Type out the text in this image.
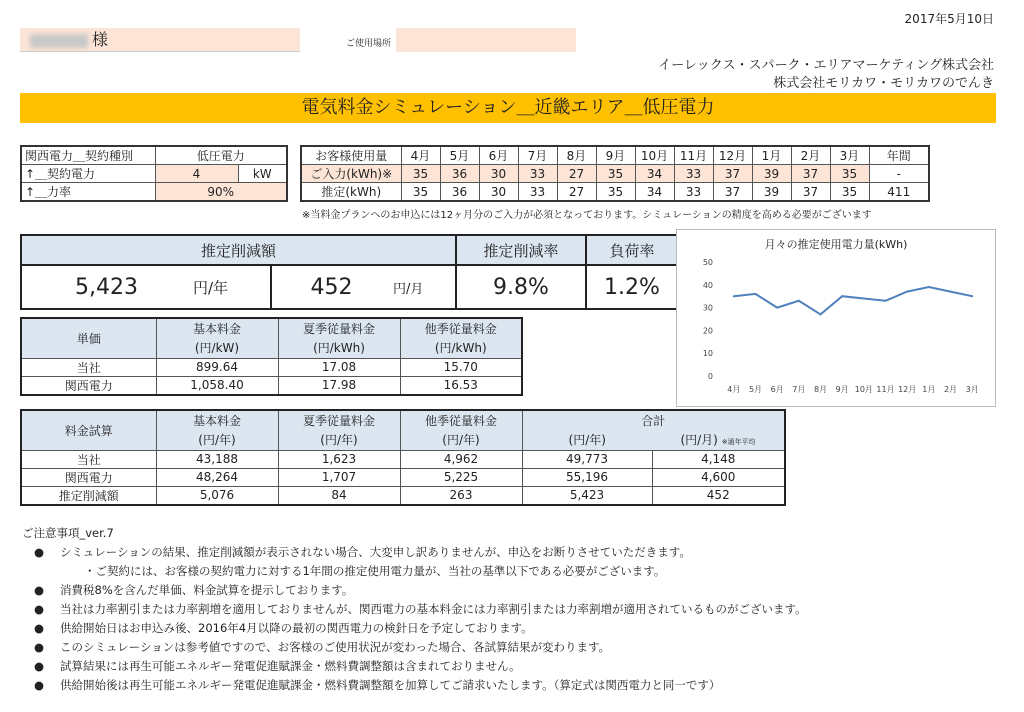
2017年5月10日
様	ご使用場所
イーレックス・スパーク・エリアマーケティング株式会社
株式会社モリカワ・モリカワのでんき
電気料金シミュレーション＿近畿エリア＿低圧電力
関西電力＿契約種別	低圧電力	
↑＿契約電力	4	kW
↑＿力率	90%	
お客様使用量	4月	5月	6月	7月	8月	9月	10月	11月	12月	1月	2月	3月	年間
ご入力(kWh)※	35	36	30	33	27	35	34	33	37	39	37	35	-
推定(kWh)	35	36	30	33	27	35	34	33	37	39	37	35	411
※当料金プランへのお申込には12ヶ月分のご入力が必須となっております。シミュレーションの精度を高める必要がございます
推定削減額				推定削減率	負荷率
5,423	円/年	452	円/月	9.8%	1.2%
単価	基本料金	夏季従量料金	他季従量料金
	(円/kW)	(円/kWh)	(円/kWh)
当社	899.64	17.08	15.70
関西電力	1,058.40	17.98	16.53
料金試算	基本料金	夏季従量料金	他季従量料金	合計	
	(円/年)	(円/年)	(円/年)	(円/年)	(円/月) ※通年平均
当社	43,188	1,623	4,962	49,773	4,148
関西電力	48,264	1,707	5,225	55,196	4,600
推定削減額	5,076	84	263	5,423	452
月々の推定使用電力量(kWh)
0
10
20
30
40
50
4月 5月 6月 7月 8月 9月 10月 11月 12月 1月 2月 3月
ご注意事項_ver.7
● シミュレーションの結果、推定削減額が表示されない場合、大変申し訳ありませんが、申込をお断りさせていただきます。
・ご契約には、お客様の契約電力に対する1年間の推定使用電力量が、当社の基準以下である必要がございます。
● 消費税8%を含んだ単価、料金試算を提示しております。
● 当社は力率割引または力率割増を適用しておりませんが、関西電力の基本料金には力率割引または力率割増が適用されているものがございます。
● 供給開始日はお申込み後、2016年4月以降の最初の関西電力の検針日を予定しております。
● このシミュレーションは参考値ですので、お客様のご使用状況が変わった場合、各試算結果が変わります。
● 試算結果には再生可能エネルギー発電促進賦課金・燃料費調整額は含まれておりません。
● 供給開始後は再生可能エネルギー発電促進賦課金・燃料費調整額を加算してご請求いたします。（算定式は関西電力と同一です）
